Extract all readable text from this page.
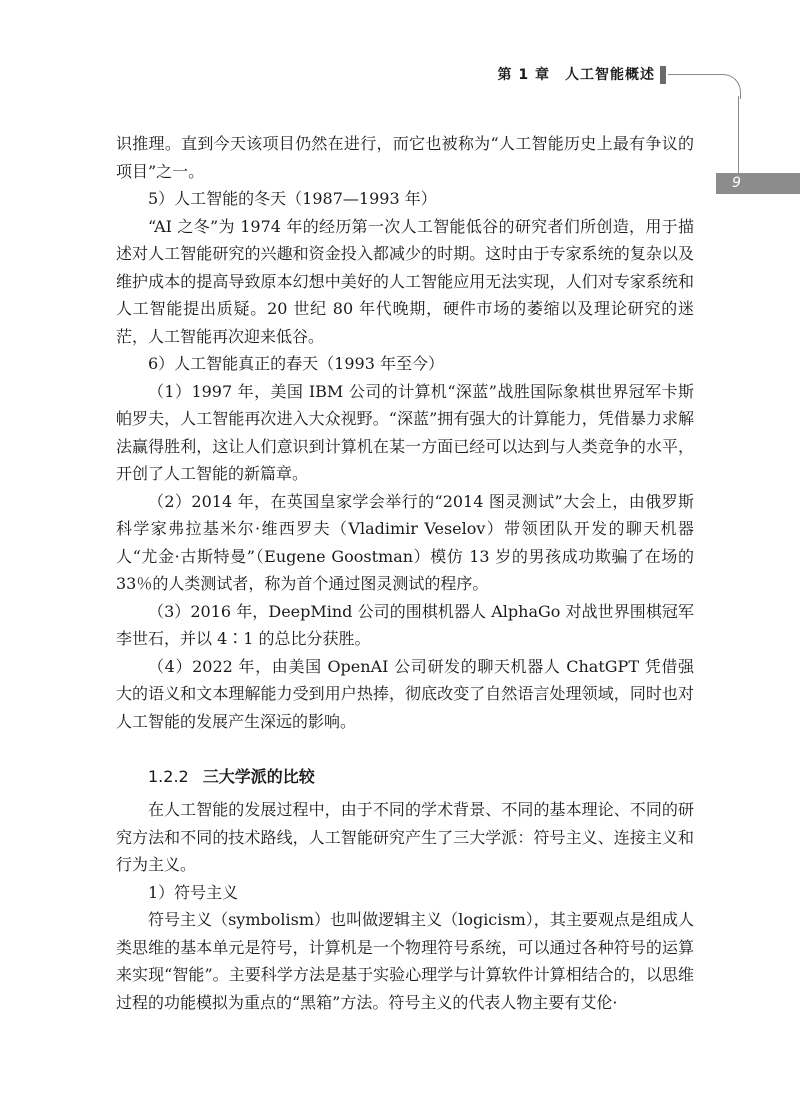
第 1 章　人工智能概述
9

识推理。直到今天该项目仍然在进行，而它也被称为“人工智能历史上最有争议的项目”之一。

5）人工智能的冬天（1987—1993 年）

“AI 之冬”为 1974 年的经历第一次人工智能低谷的研究者们所创造，用于描述对人工智能研究的兴趣和资金投入都减少的时期。这时由于专家系统的复杂以及维护成本的提高导致原本幻想中美好的人工智能应用无法实现，人们对专家系统和人工智能提出质疑。20 世纪 80 年代晚期，硬件市场的萎缩以及理论研究的迷茫，人工智能再次迎来低谷。

6）人工智能真正的春天（1993 年至今）

（1）1997 年，美国 IBM 公司的计算机“深蓝”战胜国际象棋世界冠军卡斯帕罗夫，人工智能再次进入大众视野。“深蓝”拥有强大的计算能力，凭借暴力求解法赢得胜利，这让人们意识到计算机在某一方面已经可以达到与人类竞争的水平，开创了人工智能的新篇章。

（2）2014 年，在英国皇家学会举行的“2014 图灵测试”大会上，由俄罗斯科学家弗拉基米尔·维西罗夫（Vladimir Veselov）带领团队开发的聊天机器人“尤金·古斯特曼”（Eugene Goostman）模仿 13 岁的男孩成功欺骗了在场的 33％的人类测试者，称为首个通过图灵测试的程序。

（3）2016 年，DeepMind 公司的围棋机器人 AlphaGo 对战世界围棋冠军李世石，并以 4∶1 的总比分获胜。

（4）2022 年，由美国 OpenAI 公司研发的聊天机器人 ChatGPT 凭借强大的语义和文本理解能力受到用户热捧，彻底改变了自然语言处理领域，同时也对人工智能的发展产生深远的影响。

1.2.2 三大学派的比较

在人工智能的发展过程中，由于不同的学术背景、不同的基本理论、不同的研究方法和不同的技术路线，人工智能研究产生了三大学派：符号主义、连接主义和行为主义。

1）符号主义

符号主义（symbolism）也叫做逻辑主义（logicism），其主要观点是组成人类思维的基本单元是符号，计算机是一个物理符号系统，可以通过各种符号的运算来实现“智能”。主要科学方法是基于实验心理学与计算软件计算相结合的，以思维过程的功能模拟为重点的“黑箱”方法。符号主义的代表人物主要有艾伦·
